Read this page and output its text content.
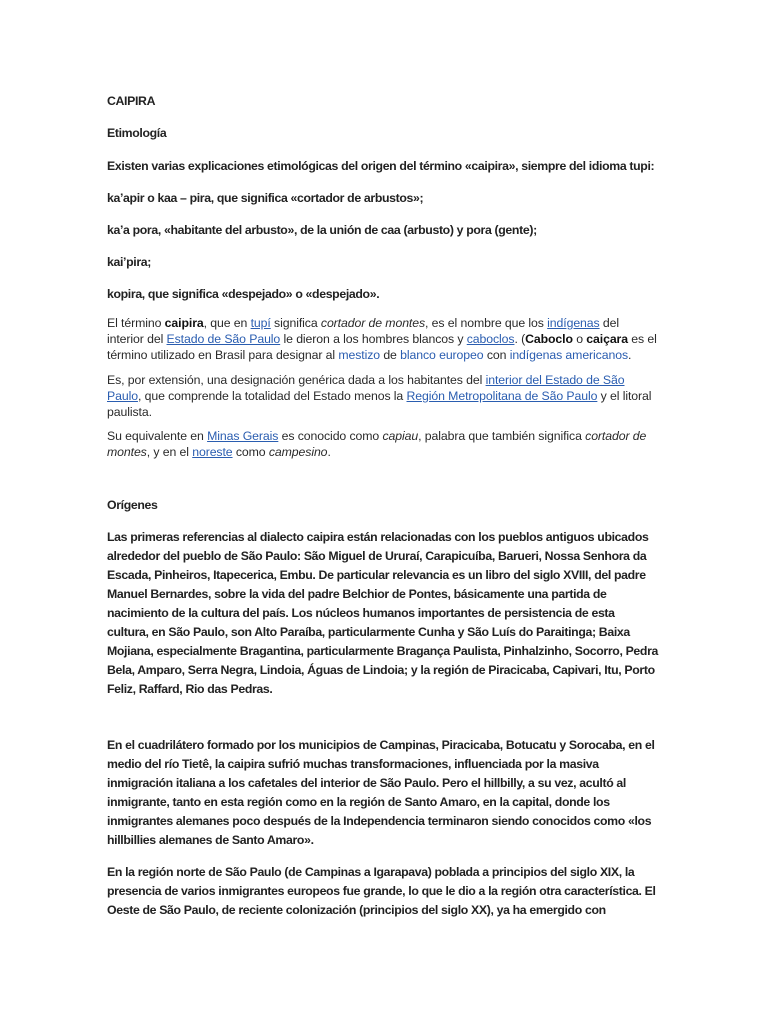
CAIPIRA

Etimología

Existen varias explicaciones etimológicas del origen del término «caipira», siempre del idioma tupi:

ka’apir o kaa – pira, que significa «cortador de arbustos»;

ka’a pora, «habitante del arbusto», de la unión de caa (arbusto) y pora (gente);

kai’pira;

kopira, que significa «despejado» o «despejado».

El término caipira, que en tupí significa cortador de montes, es el nombre que los indígenas del interior del Estado de São Paulo le dieron a los hombres blancos y caboclos. (Caboclo o caiçara es el término utilizado en Brasil para designar al mestizo de blanco europeo con indígenas americanos.

Es, por extensión, una designación genérica dada a los habitantes del interior del Estado de São Paulo, que comprende la totalidad del Estado menos la Región Metropolitana de São Paulo y el litoral paulista.

Su equivalente en Minas Gerais es conocido como capiau, palabra que también significa cortador de montes, y en el noreste como campesino.

Orígenes

Las primeras referencias al dialecto caipira están relacionadas con los pueblos antiguos ubicados alrededor del pueblo de São Paulo: São Miguel de Ururaí, Carapicuíba, Barueri, Nossa Senhora da Escada, Pinheiros, Itapecerica, Embu. De particular relevancia es un libro del siglo XVIII, del padre Manuel Bernardes, sobre la vida del padre Belchior de Pontes, básicamente una partida de nacimiento de la cultura del país. Los núcleos humanos importantes de persistencia de esta cultura, en São Paulo, son Alto Paraíba, particularmente Cunha y São Luís do Paraitinga; Baixa Mojiana, especialmente Bragantina, particularmente Bragança Paulista, Pinhalzinho, Socorro, Pedra Bela, Amparo, Serra Negra, Lindoia, Águas de Lindoia; y la región de Piracicaba, Capivari, Itu, Porto Feliz, Raffard, Rio das Pedras.

En el cuadrilátero formado por los municipios de Campinas, Piracicaba, Botucatu y Sorocaba, en el medio del río Tietê, la caipira sufrió muchas transformaciones, influenciada por la masiva inmigración italiana a los cafetales del interior de São Paulo. Pero el hillbilly, a su vez, acultó al inmigrante, tanto en esta región como en la región de Santo Amaro, en la capital, donde los inmigrantes alemanes poco después de la Independencia terminaron siendo conocidos como «los hillbillies alemanes de Santo Amaro».

En la región norte de São Paulo (de Campinas a Igarapava) poblada a principios del siglo XIX, la presencia de varios inmigrantes europeos fue grande, lo que le dio a la región otra característica. El Oeste de São Paulo, de reciente colonización (principios del siglo XX), ya ha emergido con
